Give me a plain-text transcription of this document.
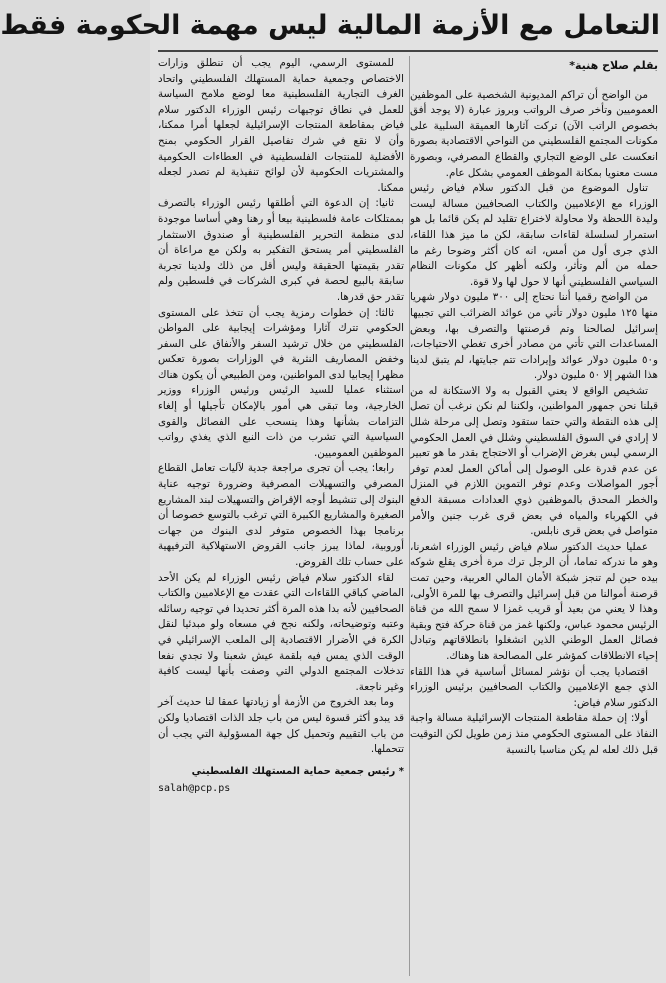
التعامل مع الأزمة المالية ليس مهمة الحكومة فقط
بقلم صلاح هنية*

من الواضح أن تراكم المديونية الشخصية على الموظفين العموميين وتأخر صرف الرواتب وبروز عبارة (لا يوجد أفق بخصوص الراتب الآن) تركت آثارها العميقة السلبية على مكونات المجتمع الفلسطيني من النواحي الاقتصادية بصورة انعكست على الوضع التجاري والقطاع المصرفي، وبصورة مست معنويا بمكانة الموظف العمومي بشكل عام.

تناول الموضوع من قبل الدكتور سلام فياض رئيس الوزراء مع الإعلاميين والكتاب الصحافيين مسالة ليست وليدة اللحظة ولا محاولة لاختراع تقليد لم يكن قائما بل هو استمرار لسلسلة لقاءات سابقة، لكن ما ميز هذا اللقاء، الذي جرى أول من أمس، انه كان أكثر وضوحا رغم ما حمله من ألم وتأثر، ولكنه أظهر كل مكونات النظام السياسي الفلسطيني أنها لا حول لها ولا قوة.

من الواضح رقميا أننا نحتاج إلى ٣٠٠ مليون دولار شهريا منها ١٢٥ مليون دولار تأتي من عوائد الضرائب التي تجبيها إسرائيل لصالحنا وتم قرصنتها والتصرف بها، وبعض المساعدات التي تأتي من مصادر أخرى تغطي الاحتياجات، و٥٠ مليون دولار عوائد وإيرادات تتم جبايتها، لم يتبق لدينا هذا الشهر إلا ٥٠ مليون دولار.

تشخيص الواقع لا يعني القبول به ولا الاستكانة له من قبلنا نحن جمهور المواطنين، ولكننا لم نكن نرغب أن تصل إلى هذه النقطة والتي حتما ستقود وتصل إلى مرحلة شلل لا إرادي في السوق الفلسطيني وشلل في العمل الحكومي الرسمي ليس بغرض الإضراب أو الاحتجاج بقدر ما هو تعبير عن عدم قدرة على الوصول إلى أماكن العمل لعدم توفر أجور المواصلات وعدم توفر التموين اللازم في المنزل والخطر المحدق بالموظفين ذوي العدادات مسبقة الدفع في الكهرباء والمياه في بعض قرى غرب جنين والأمر متواصل في بعض قرى نابلس.

عمليا حديث الدكتور سلام فياض رئيس الوزراء اشعرنا، وهو ما ندركه تماما، أن الرجل ترك مرة أخرى يقلع شوكه بيده حين لم تنجز شبكة الأمان المالي العربية، وحين تمت قرصنة أموالنا من قبل إسرائيل والتصرف بها للمرة الأولى، وهذا لا يعني من بعيد أو قريب غمزا لا سمح الله من قناة الرئيس محمود عباس، ولكنها غمز من قناة حركة فتح وبقية فصائل العمل الوطني الذين انشغلوا بانطلاقاتهم وتبادل إحياء الانطلاقات كمؤشر على المصالحة هنا وهناك.

اقتصاديا يجب أن نؤشر لمسائل أساسية في هذا اللقاء الذي جمع الإعلاميين والكتاب الصحافيين برئيس الوزراء الدكتور سلام فياض:

أولا: إن حملة مقاطعة المنتجات الإسرائيلية مسالة واجبة النفاذ على المستوى الحكومي منذ زمن طويل لكن التوقيت قبل ذلك لعله لم يكن مناسبا بالنسبة

للمستوى الرسمي، اليوم يجب أن تنطلق وزارات الاختصاص وجمعية حماية المستهلك الفلسطيني واتحاد الغرف التجارية الفلسطينية معا لوضع ملامح السياسة للعمل في نطاق توجيهات رئيس الوزراء الدكتور سلام فياض بمقاطعة المنتجات الإسرائيلية لجعلها أمرا ممكنا، وأن لا نقع في شرك تفاصيل القرار الحكومي بمنح الأفضلية للمنتجات الفلسطينية في العطاءات الحكومية والمشتريات الحكومية لأن لوائح تنفيذية لم تصدر لجعله ممكنا.

ثانيا: إن الدعوة التي أطلقها رئيس الوزراء بالتصرف بممتلكات عامة فلسطينية بيعا أو رهنا وهي أساسا موجودة لدى منظمة التحرير الفلسطينية أو صندوق الاستثمار الفلسطيني أمر يستحق التفكير به ولكن مع مراعاة أن تقدر بقيمتها الحقيقة وليس أقل من ذلك ولدينا تجربة سابقة بالبيع لحصة في كبرى الشركات في فلسطين ولم تقدر حق قدرها.

ثالثا: إن خطوات رمزية يجب أن تتخذ على المستوى الحكومي تترك آثارا ومؤشرات إيجابية على المواطن الفلسطيني من خلال ترشيد السفر والأنفاق على السفر وخفض المصاريف النثرية في الوزارات بصورة تعكس مظهرا إيجابيا لدى المواطنين، ومن الطبيعي أن يكون هناك استثناء عمليا للسيد الرئيس ورئيس الوزراء ووزير الخارجية، وما تبقى هي أمور بالإمكان تأجيلها أو إلغاء التزامات بشأنها وهذا ينسحب على الفصائل والقوى السياسية التي تشرب من ذات النبع الذي يغذي رواتب الموظفين العموميين.

رابعا: يجب أن تجرى مراجعة جدية لآليات تعامل القطاع المصرفي والتسهيلات المصرفية وضرورة توجيه عناية البنوك إلى تنشيط أوجه الإقراض والتسهيلات لبند المشاريع الصغيرة والمشاريع الكبيرة التي ترغب بالتوسع خصوصا أن برنامجا بهذا الخصوص متوفر لدى البنوك من جهات أوروبية، لماذا يبرز جانب القروض الاستهلاكية الترفيهية على حساب تلك القروض.

لقاء الدكتور سلام فياض رئيس الوزراء لم يكن الأحد الماضي كباقي اللقاءات التي عقدت مع الإعلاميين والكتاب الصحافيين لأنه بدا هذه المرة أكثر تحديدا في توجيه رسائله وعتبه وتوضيحاته، ولكنه نجح في مسعاه ولو مبدئيا لنقل الكرة في الأضرار الاقتصادية إلى الملعب الإسرائيلي في الوقت الذي يمس فيه بلقمة عيش شعبنا ولا تجدي نفعا تدخلات المجتمع الدولي التي وصفت بأنها ليست كافية وغير ناجعة.

وما بعد الخروج من الأزمة أو زيادتها عمقا لنا حديث آخر قد يبدو أكثر قسوة ليس من باب جلد الذات اقتصاديا ولكن من باب التقييم وتحميل كل جهة المسؤولية التي يجب أن تتحملها.

* رئيس جمعية حماية المستهلك الفلسطيني
salah@pcp.ps
